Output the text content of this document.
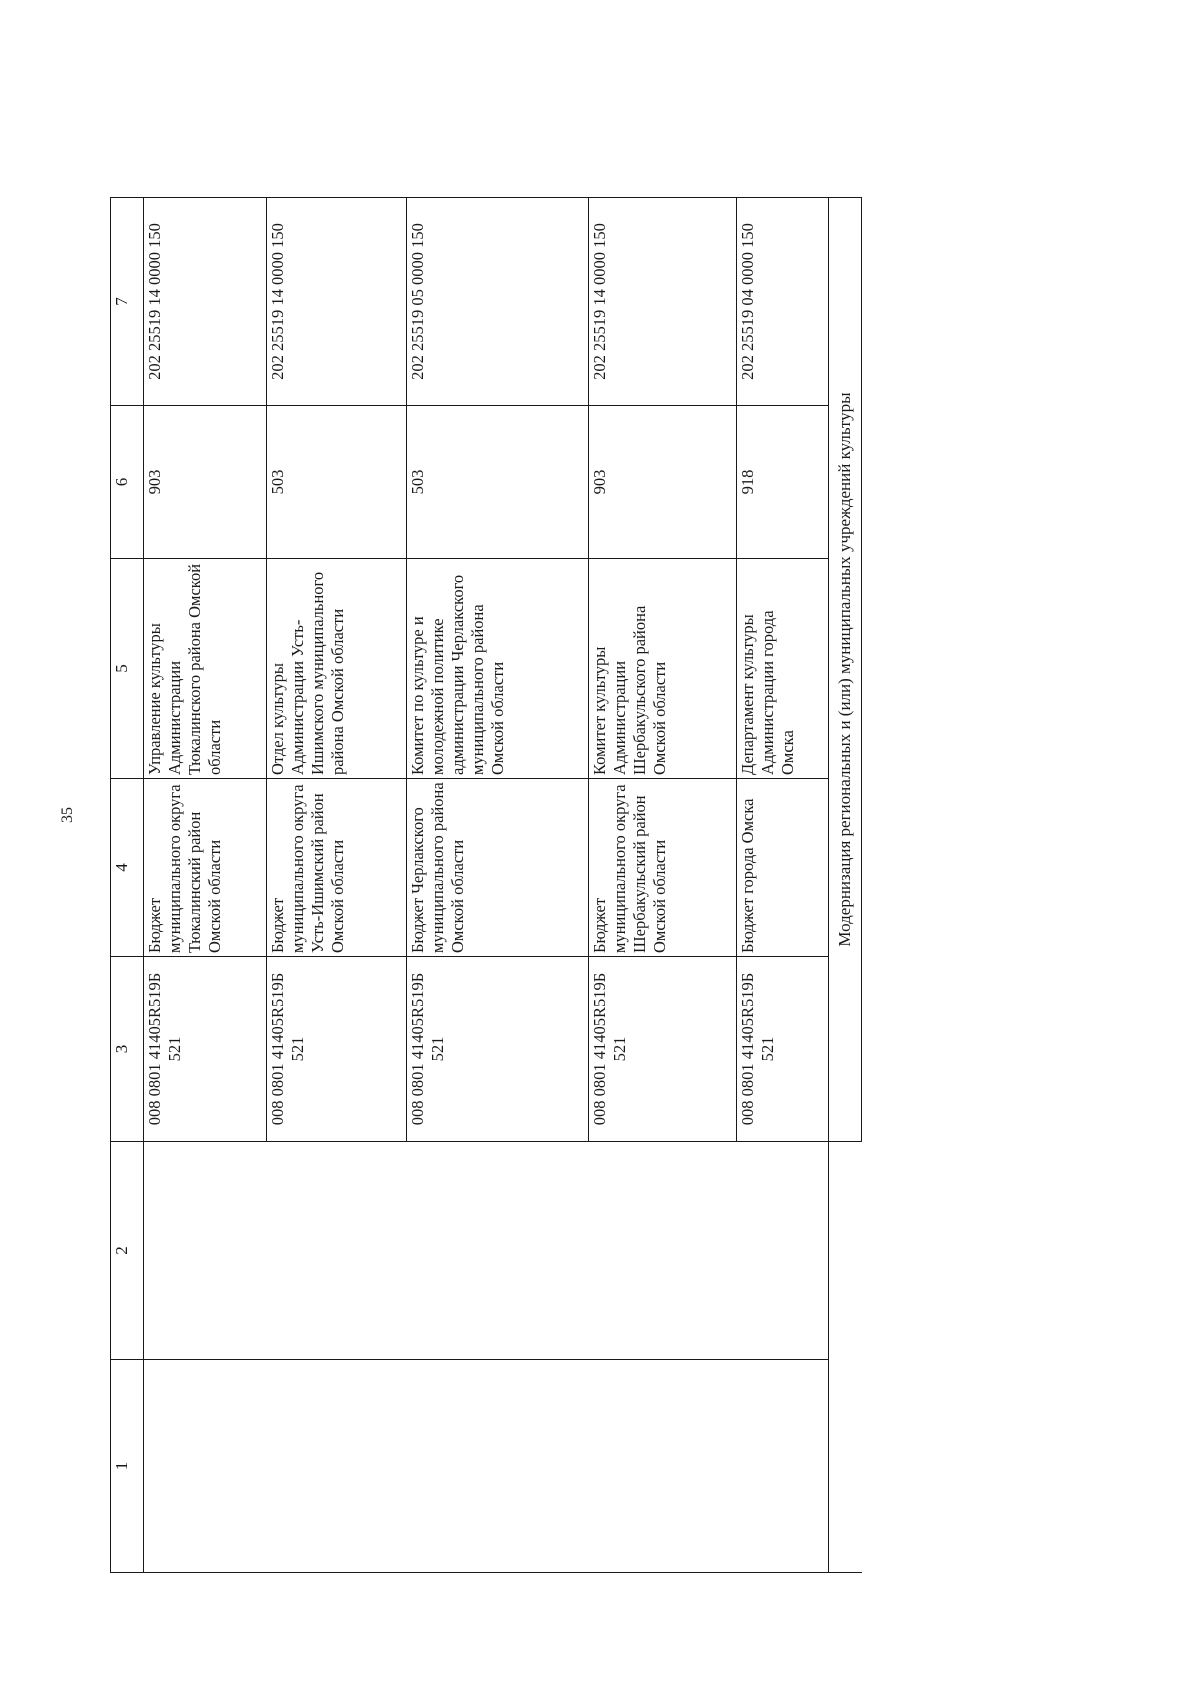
35
1	2	3	4	5	6	7
		008 0801 41405R519Б 521	Бюджет муниципального округа Тюкалинский район Омской области	Управление культуры Администрации Тюкалинского района Омской области	903	202 25519 14 0000 150
		008 0801 41405R519Б 521	Бюджет муниципального округа Усть-Ишимский район Омской области	Отдел культуры Администрации Усть-Ишимского муниципального района Омской области	503	202 25519 14 0000 150
		008 0801 41405R519Б 521	Бюджет Черлакского муниципального района Омской области	Комитет по культуре и молодежной политике администрации Черлакского муниципального района Омской области	503	202 25519 05 0000 150
		008 0801 41405R519Б 521	Бюджет муниципального округа Шербакульский район Омской области	Комитет культуры Администрации Шербакульского района Омской области	903	202 25519 14 0000 150
		008 0801 41405R519Б 521	Бюджет города Омска	Департамент культуры Администрации города Омска	918	202 25519 04 0000 150
		Модернизация региональных и (или) муниципальных учреждений культуры				
